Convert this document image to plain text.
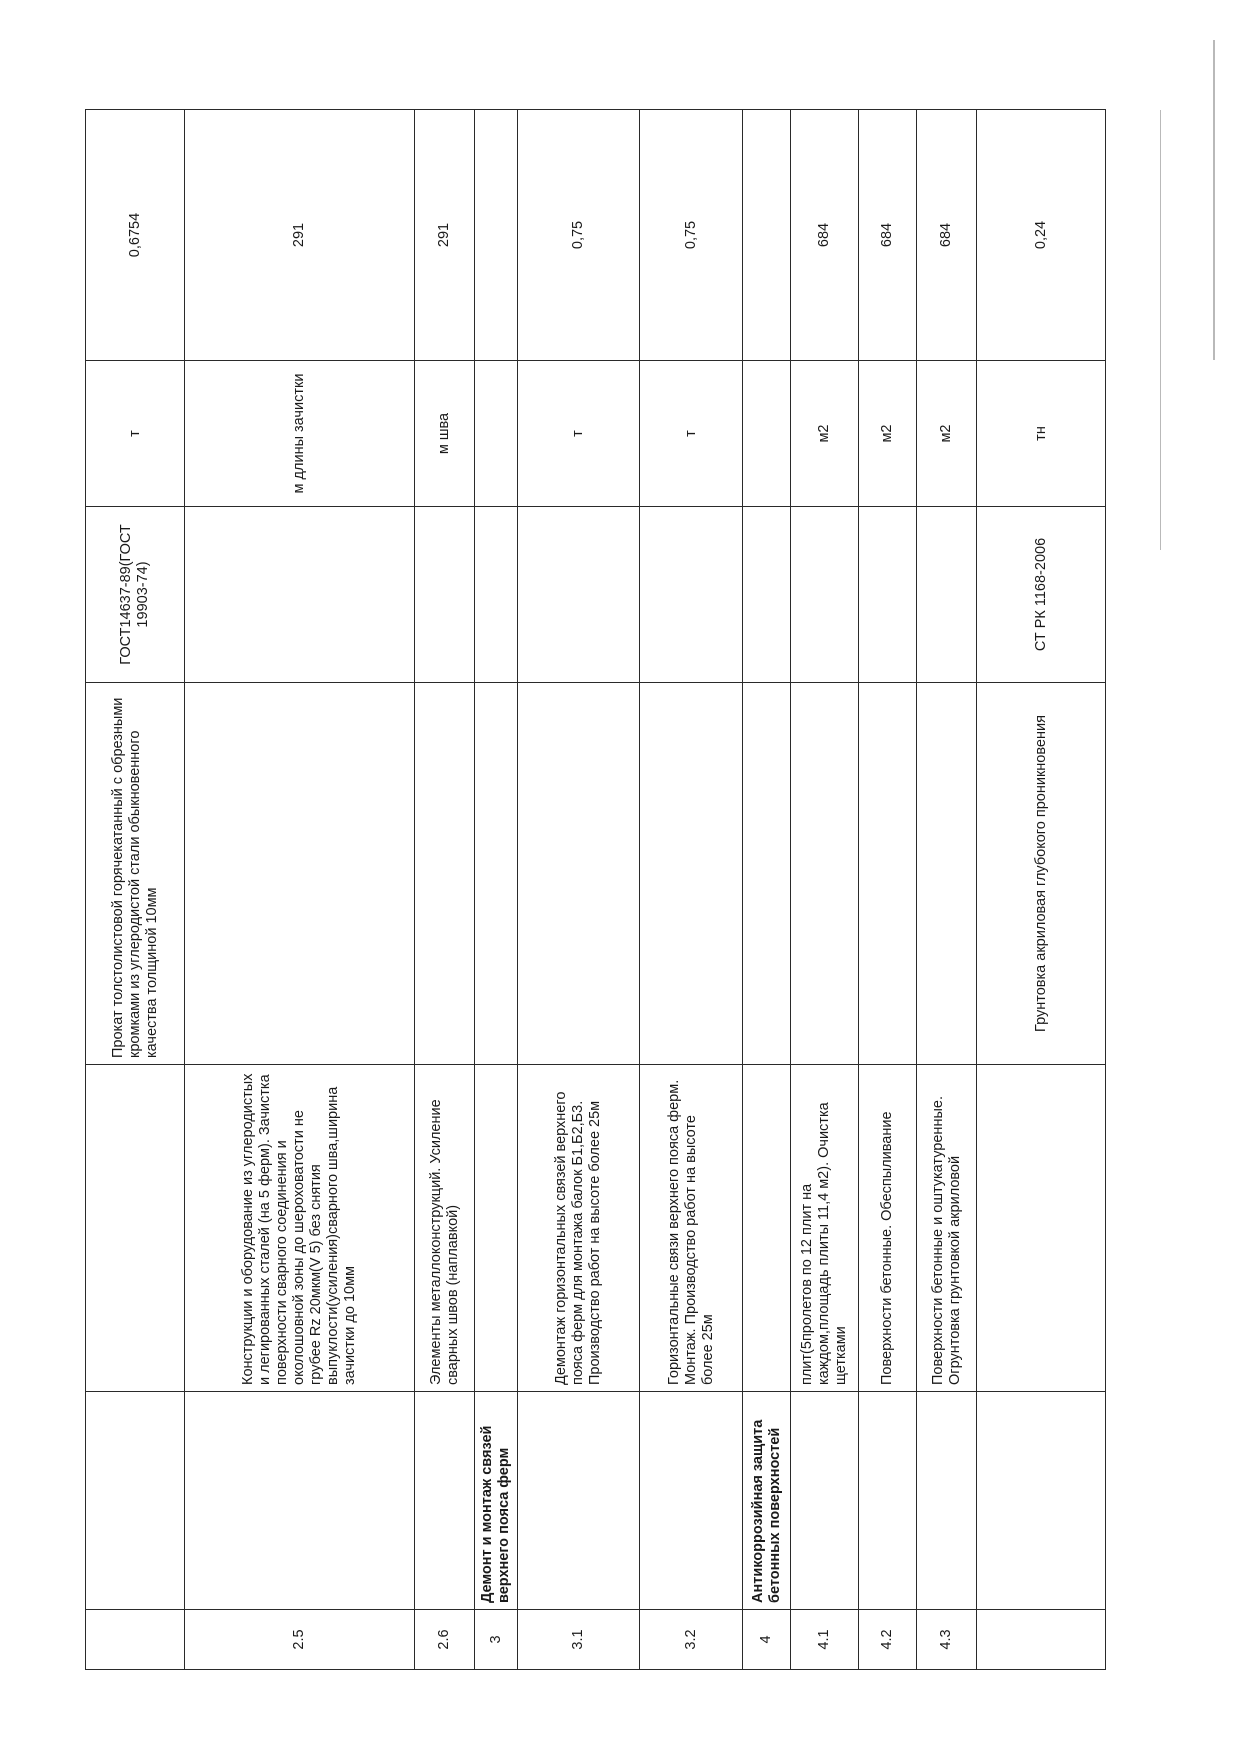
			Прокат толстолистовой горячекатанный с обрезными кромками из углеродистой стали обыкновенного качества толщиной 10мм	ГОСТ14637-89(ГОСТ 19903-74)	т	0,6754
2.5		Конструкции и оборудование из углеродистых и легированных сталей (на 5 ферм). Зачистка поверхности сварного соединения и околошовной зоны до шероховатости не грубее Rz 20мкм(V 5) без снятия выпуклости(усиления)сварного шва,ширина зачистки до 10мм			м длины зачистки	291
2.6		Элементы металлоконструкций. Усиление сварных швов (наплавкой)			м шва	291
3	Демонт и монтаж связей верхнего пояса ферм					
3.1		Демонтаж горизонтальных связей верхнего пояса ферм для монтажа балок Б1,Б2,Б3. Производство работ на высоте более 25м			т	0,75
3.2		Горизонтальные связи верхнего пояса ферм. Монтаж. Производство работ на высоте более 25м			т	0,75
4	Антикоррозийная защита бетонных поверхностей					
4.1		плит(5пролетов по 12 плит на каждом,площадь плиты 11,4 м2). Очистка щетками			м2	684
4.2		Поверхности бетонные. Обеспыливание			м2	684
4.3		Поверхности бетонные и оштукатуренные. Огрунтовка грунтовкой акриловой			м2	684
			Грунтовка акриловая глубокого проникновения	СТ РК 1168-2006	тн	0,24
